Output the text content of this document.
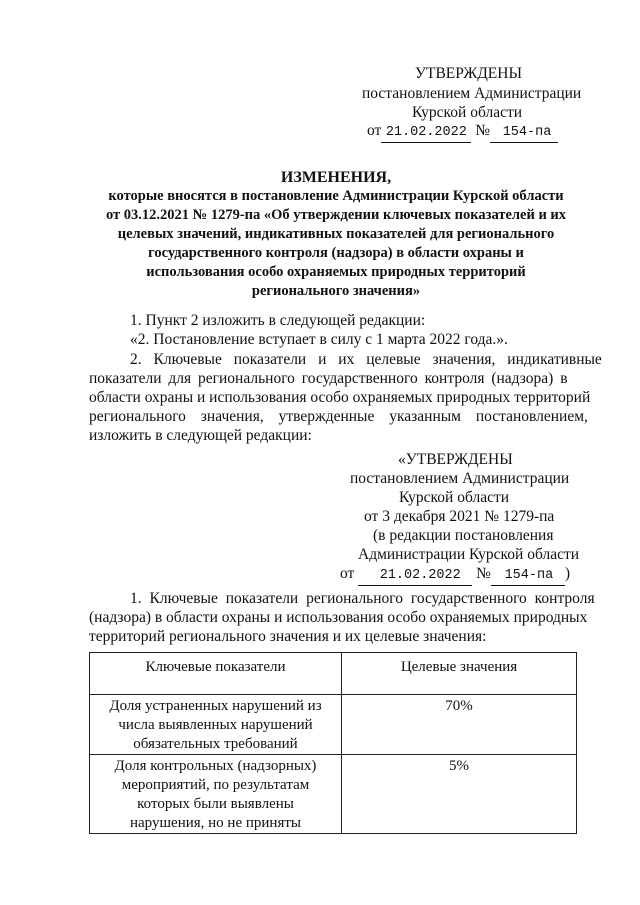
УТВЕРЖДЕНЫ
постановлением Администрации
Курской области
от 21.02.2022 № 154-па
ИЗМЕНЕНИЯ,
которые вносятся в постановление Администрации Курской области
от 03.12.2021 № 1279-па «Об утверждении ключевых показателей и их
целевых значений, индикативных показателей для регионального
государственного контроля (надзора) в области охраны и
использования особо охраняемых природных территорий
регионального значения»
1. Пункт 2 изложить в следующей редакции:
«2. Постановление вступает в силу с 1 марта 2022 года.».
2. Ключевые показатели и их целевые значения, индикативные
показатели для регионального государственного контроля (надзора) в
области охраны и использования особо охраняемых природных территорий
регионального значения, утвержденные указанным постановлением,
изложить в следующей редакции:
«УТВЕРЖДЕНЫ
постановлением Администрации
Курской области
от 3 декабря 2021 № 1279-па
(в редакции постановления
Администрации Курской области
от 21.02.2022 № 154-па )
1. Ключевые показатели регионального государственного контроля
(надзора) в области охраны и использования особо охраняемых природных
территорий регионального значения и их целевые значения:
Ключевые показатели	Целевые значения

Доля устраненных нарушений из
числа выявленных нарушений
обязательных требований	70%

Доля контрольных (надзорных)
мероприятий, по результатам
которых были выявлены
нарушения, но не приняты	5%
